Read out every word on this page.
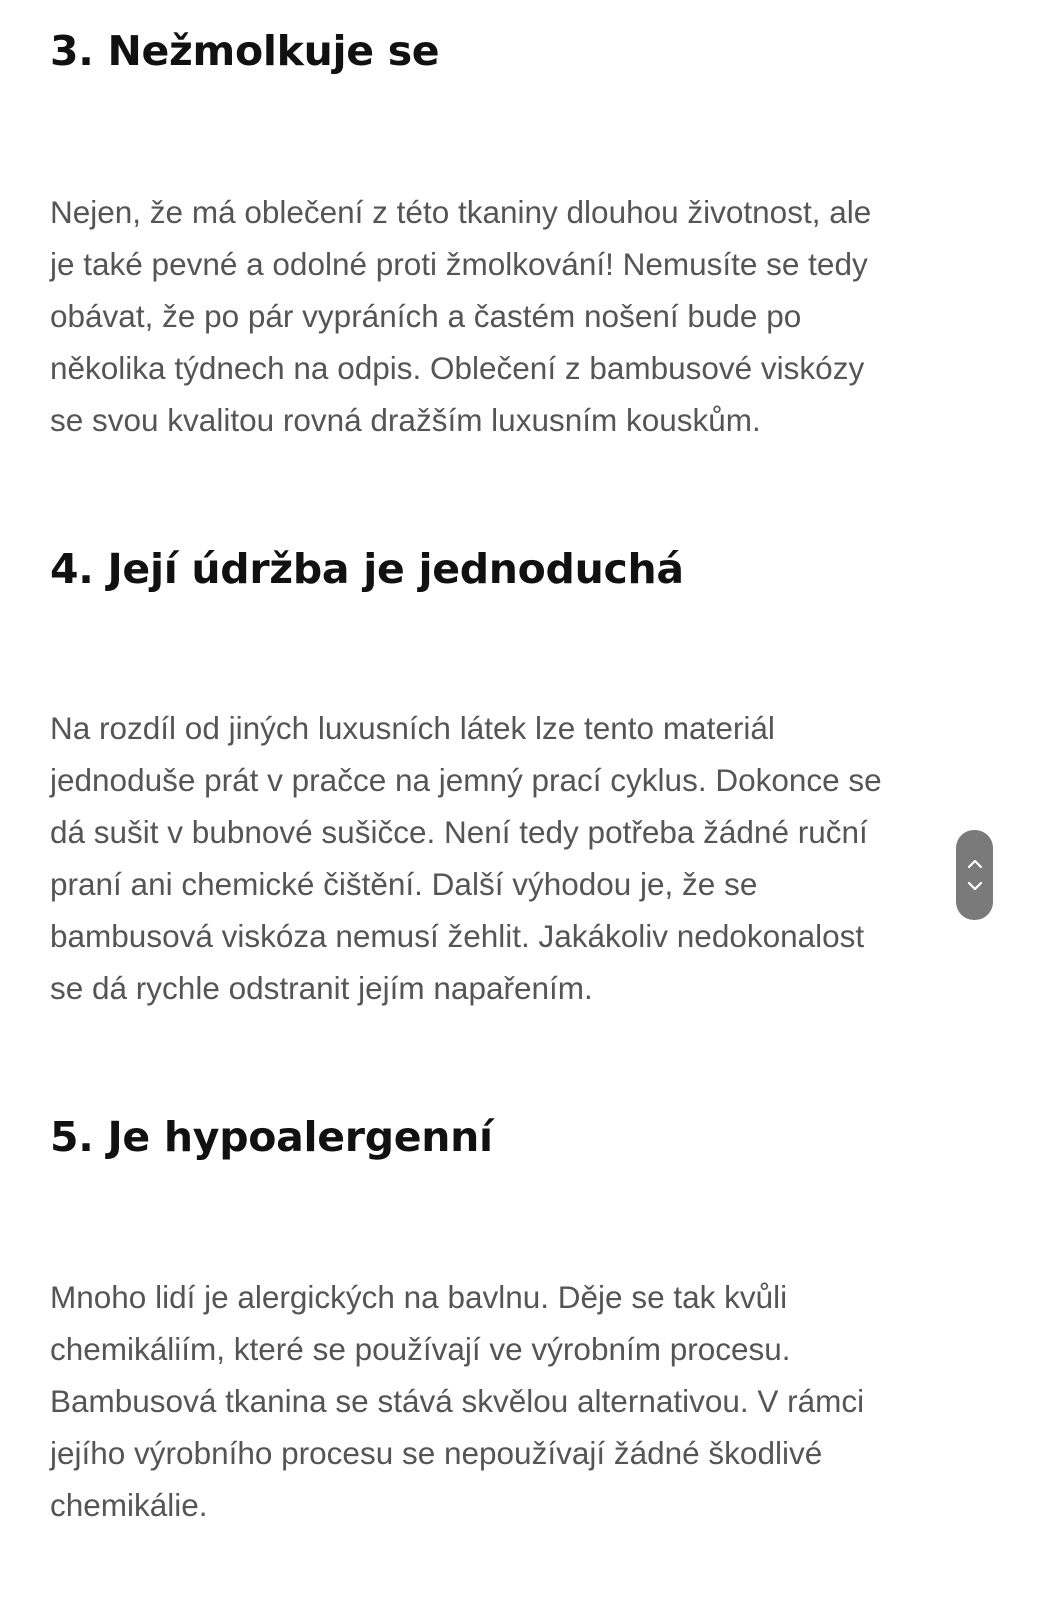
3. Nežmolkuje se
Nejen, že má oblečení z této tkaniny dlouhou životnost, ale
je také pevné a odolné proti žmolkování! Nemusíte se tedy
obávat, že po pár vypráních a častém nošení bude po
několika týdnech na odpis. Oblečení z bambusové viskózy
se svou kvalitou rovná dražším luxusním kouskům.
4. Její údržba je jednoduchá
Na rozdíl od jiných luxusních látek lze tento materiál
jednoduše prát v pračce na jemný prací cyklus. Dokonce se
dá sušit v bubnové sušičce. Není tedy potřeba žádné ruční
praní ani chemické čištění. Další výhodou je, že se
bambusová viskóza nemusí žehlit. Jakákoliv nedokonalost
se dá rychle odstranit jejím napařením.
5. Je hypoalergenní
Mnoho lidí je alergických na bavlnu. Děje se tak kvůli
chemikáliím, které se používají ve výrobním procesu.
Bambusová tkanina se stává skvělou alternativou. V rámci
jejího výrobního procesu se nepoužívají žádné škodlivé
chemikálie.
